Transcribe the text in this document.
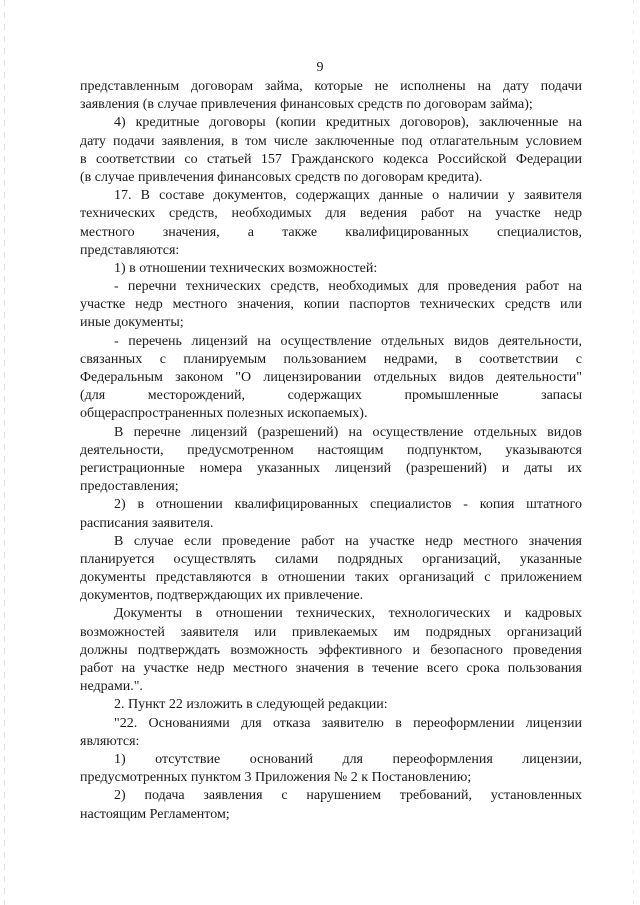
9
представленным договорам займа, которые не исполнены на дату подачи
заявления (в случае привлечения финансовых средств по договорам займа);
4) кредитные договоры (копии кредитных договоров), заключенные на
дату подачи заявления, в том числе заключенные под отлагательным условием
в соответствии со статьей 157 Гражданского кодекса Российской Федерации
(в случае привлечения финансовых средств по договорам кредита).
17. В составе документов, содержащих данные о наличии у заявителя
технических средств, необходимых для ведения работ на участке недр
местного значения, а также квалифицированных специалистов,
представляются:
1) в отношении технических возможностей:
- перечни технических средств, необходимых для проведения работ на
участке недр местного значения, копии паспортов технических средств или
иные документы;
- перечень лицензий на осуществление отдельных видов деятельности,
связанных с планируемым пользованием недрами, в соответствии с
Федеральным законом "О лицензировании отдельных видов деятельности"
(для месторождений, содержащих промышленные запасы
общераспространенных полезных ископаемых).
В перечне лицензий (разрешений) на осуществление отдельных видов
деятельности, предусмотренном настоящим подпунктом, указываются
регистрационные номера указанных лицензий (разрешений) и даты их
предоставления;
2) в отношении квалифицированных специалистов - копия штатного
расписания заявителя.
В случае если проведение работ на участке недр местного значения
планируется осуществлять силами подрядных организаций, указанные
документы представляются в отношении таких организаций с приложением
документов, подтверждающих их привлечение.
Документы в отношении технических, технологических и кадровых
возможностей заявителя или привлекаемых им подрядных организаций
должны подтверждать возможность эффективного и безопасного проведения
работ на участке недр местного значения в течение всего срока пользования
недрами.".
2. Пункт 22 изложить в следующей редакции:
"22. Основаниями для отказа заявителю в переоформлении лицензии
являются:
1) отсутствие оснований для переоформления лицензии,
предусмотренных пунктом 3 Приложения № 2 к Постановлению;
2) подача заявления с нарушением требований, установленных
настоящим Регламентом;
